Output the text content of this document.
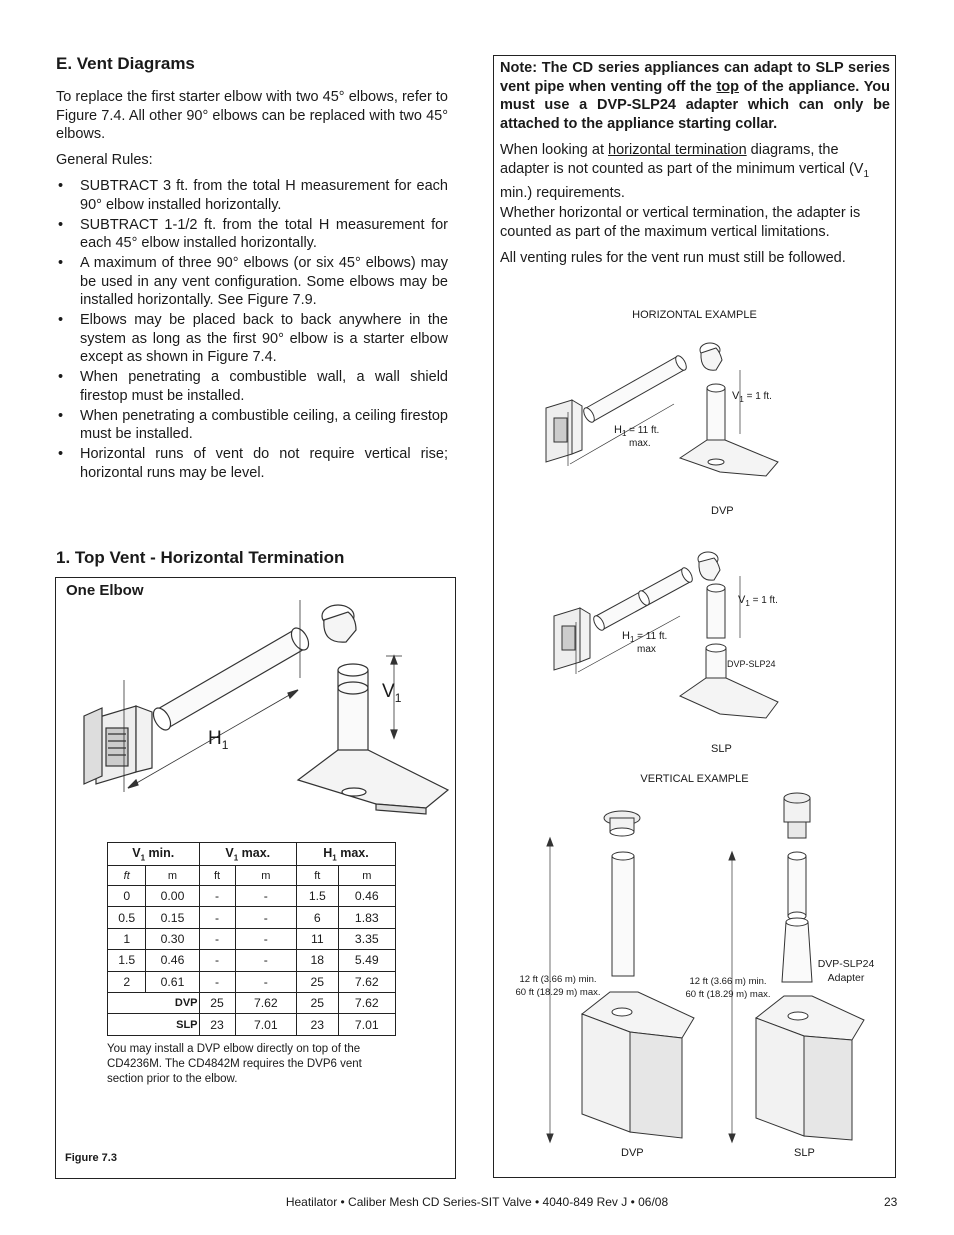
E. Vent Diagrams

To replace the first starter elbow with two 45° elbows, refer to Figure 7.4. All other 90° elbows can be replaced with two 45° elbows.

General Rules:

• SUBTRACT 3 ft. from the total H measurement for each 90° elbow installed horizontally.
• SUBTRACT 1-1/2 ft. from the total H measurement for each 45° elbow installed horizontally.
• A maximum of three 90° elbows (or six 45° elbows) may be used in any vent configuration. Some elbows may be installed horizontally. See Figure 7.9.
• Elbows may be placed back to back anywhere in the system as long as the first 90° elbow is a starter elbow except as shown in Figure 7.4.
• When penetrating a combustible wall, a wall shield firestop must be installed.
• When penetrating a combustible ceiling, a ceiling firestop must be installed.
• Horizontal runs of vent do not require vertical rise; horizontal runs may be level.
1. Top Vent - Horizontal Termination
One Elbow
$H_1$
$V_1$
$V_1$ min.		$V_1$ max.		$H_1$ max.	
ft	m	ft	m	ft	m
0	0.00	-	-	1.5	0.46
0.5	0.15	-	-	6	1.83
1	0.30	-	-	11	3.35
1.5	0.46	-	-	18	5.49
2	0.61	-	-	25	7.62
DVP		25	7.62	25	7.62
SLP		23	7.01	23	7.01

You may install a DVP elbow directly on top of the CD4236M. The CD4842M requires the DVP6 vent section prior to the elbow.

Figure 7.3

Note: The CD series appliances can adapt to SLP series vent pipe when venting off the top of the appliance. You must use a DVP-SLP24 adapter which can only be attached to the appliance starting collar.

When looking at horizontal termination diagrams, the adapter is not counted as part of the minimum vertical ($V_1$ min.) requirements.

Whether horizontal or vertical termination, the adapter is counted as part of the maximum vertical limitations.

All venting rules for the vent run must still be followed.

HORIZONTAL EXAMPLE
$H_1 = 11$ ft.
max.
$V_1 = 1$ ft.
DVP
$H_1 = 11$ ft.
max
$V_1 = 1$ ft.
DVP-SLP24
SLP
VERTICAL EXAMPLE
12 ft (3.66 m) min.
60 ft (18.29 m) max.
12 ft (3.66 m) min.
60 ft (18.29 m) max.
DVP-SLP24
Adapter
DVP	SLP
Heatilator • Caliber Mesh CD Series-SIT Valve • 4040-849 Rev J • 06/08	23
